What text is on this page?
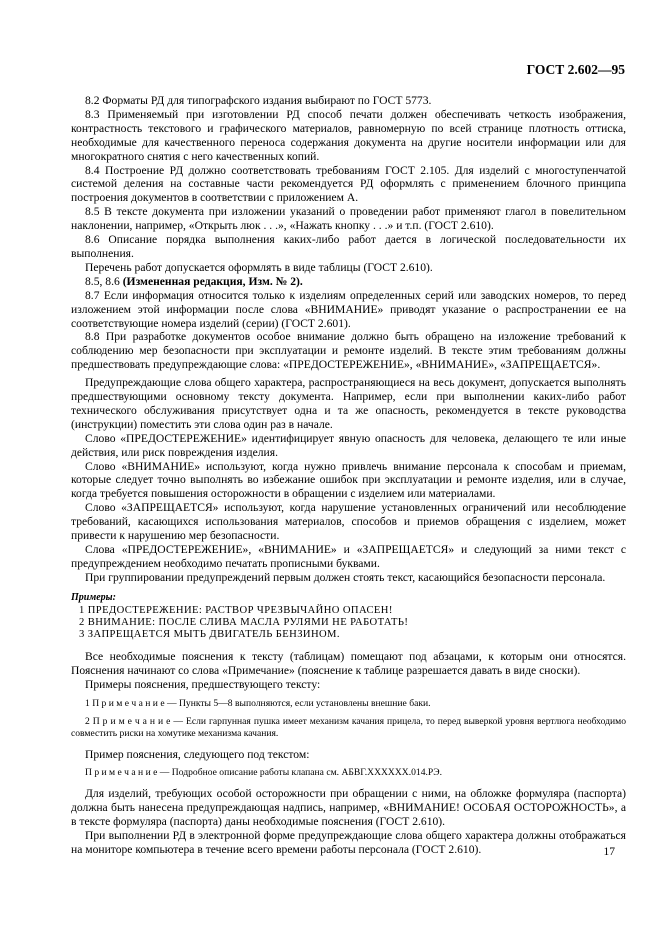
ГОСТ 2.602—95

8.2 Форматы РД для типографского издания выбирают по ГОСТ 5773.

8.3 Применяемый при изготовлении РД способ печати должен обеспечивать четкость изображения, контрастность текстового и графического материалов, равномерную по всей странице плотность оттиска, необходимые для качественного переноса содержания документа на другие носители информации или для многократного снятия с него качественных копий.

8.4 Построение РД должно соответствовать требованиям ГОСТ 2.105. Для изделий с многоступенчатой системой деления на составные части рекомендуется РД оформлять с применением блочного принципа построения документов в соответствии с приложением А.

8.5 В тексте документа при изложении указаний о проведении работ применяют глагол в повелительном наклонении, например, «Открыть люк . . .», «Нажать кнопку . . .» и т.п. (ГОСТ 2.610).

8.6 Описание порядка выполнения каких-либо работ дается в логической последовательности их выполнения.

Перечень работ допускается оформлять в виде таблицы (ГОСТ 2.610).

8.5, 8.6 (Измененная редакция, Изм. № 2).

8.7 Если информация относится только к изделиям определенных серий или заводских номеров, то перед изложением этой информации после слова «ВНИМАНИЕ» приводят указание о распространении ее на соответствующие номера изделий (серии) (ГОСТ 2.601).

8.8 При разработке документов особое внимание должно быть обращено на изложение требований к соблюдению мер безопасности при эксплуатации и ремонте изделий. В тексте этим требованиям должны предшествовать предупреждающие слова: «ПРЕДОСТЕРЕЖЕНИЕ», «ВНИМАНИЕ», «ЗАПРЕЩАЕТСЯ».

Предупреждающие слова общего характера, распространяющиеся на весь документ, допускается выполнять предшествующими основному тексту документа. Например, если при выполнении каких-либо работ технического обслуживания присутствует одна и та же опасность, рекомендуется в тексте руководства (инструкции) поместить эти слова один раз в начале.

Слово «ПРЕДОСТЕРЕЖЕНИЕ» идентифицирует явную опасность для человека, делающего те или иные действия, или риск повреждения изделия.

Слово «ВНИМАНИЕ» используют, когда нужно привлечь внимание персонала к способам и приемам, которые следует точно выполнять во избежание ошибок при эксплуатации и ремонте изделия, или в случае, когда требуется повышения осторожности в обращении с изделием или материалами.

Слово «ЗАПРЕЩАЕТСЯ» используют, когда нарушение установленных ограничений или несоблюдение требований, касающихся использования материалов, способов и приемов обращения с изделием, может привести к нарушению мер безопасности.

Слова «ПРЕДОСТЕРЕЖЕНИЕ», «ВНИМАНИЕ» и «ЗАПРЕЩАЕТСЯ» и следующий за ними текст с предупреждением необходимо печатать прописными буквами.

При группировании предупреждений первым должен стоять текст, касающийся безопасности персонала.

Примеры:

1 ПРЕДОСТЕРЕЖЕНИЕ: РАСТВОР ЧРЕЗВЫЧАЙНО ОПАСЕН!

2 ВНИМАНИЕ: ПОСЛЕ СЛИВА МАСЛА РУЛЯМИ НЕ РАБОТАТЬ!

3 ЗАПРЕЩАЕТСЯ МЫТЬ ДВИГАТЕЛЬ БЕНЗИНОМ.

Все необходимые пояснения к тексту (таблицам) помещают под абзацами, к которым они относятся. Пояснения начинают со слова «Примечание» (пояснение к таблице разрешается давать в виде сноски).

Примеры пояснения, предшествующего тексту:

1 П р и м е ч а н и е — Пункты 5—8 выполняются, если установлены внешние баки.

2 П р и м е ч а н и е — Если гарпунная пушка имеет механизм качания прицела, то перед выверкой уровня вертлюга необходимо совместить риски на хомутике механизма качания.

Пример пояснения, следующего под текстом:

П р и м е ч а н и е — Подробное описание работы клапана см. АБВГ.XXXXXX.014.РЭ.

Для изделий, требующих особой осторожности при обращении с ними, на обложке формуляра (паспорта) должна быть нанесена предупреждающая надпись, например, «ВНИМАНИЕ! ОСОБАЯ ОСТОРОЖНОСТЬ», а в тексте формуляра (паспорта) даны необходимые пояснения (ГОСТ 2.610).

При выполнении РД в электронной форме предупреждающие слова общего характера должны отображаться на мониторе компьютера в течение всего времени работы персонала (ГОСТ 2.610).	17
